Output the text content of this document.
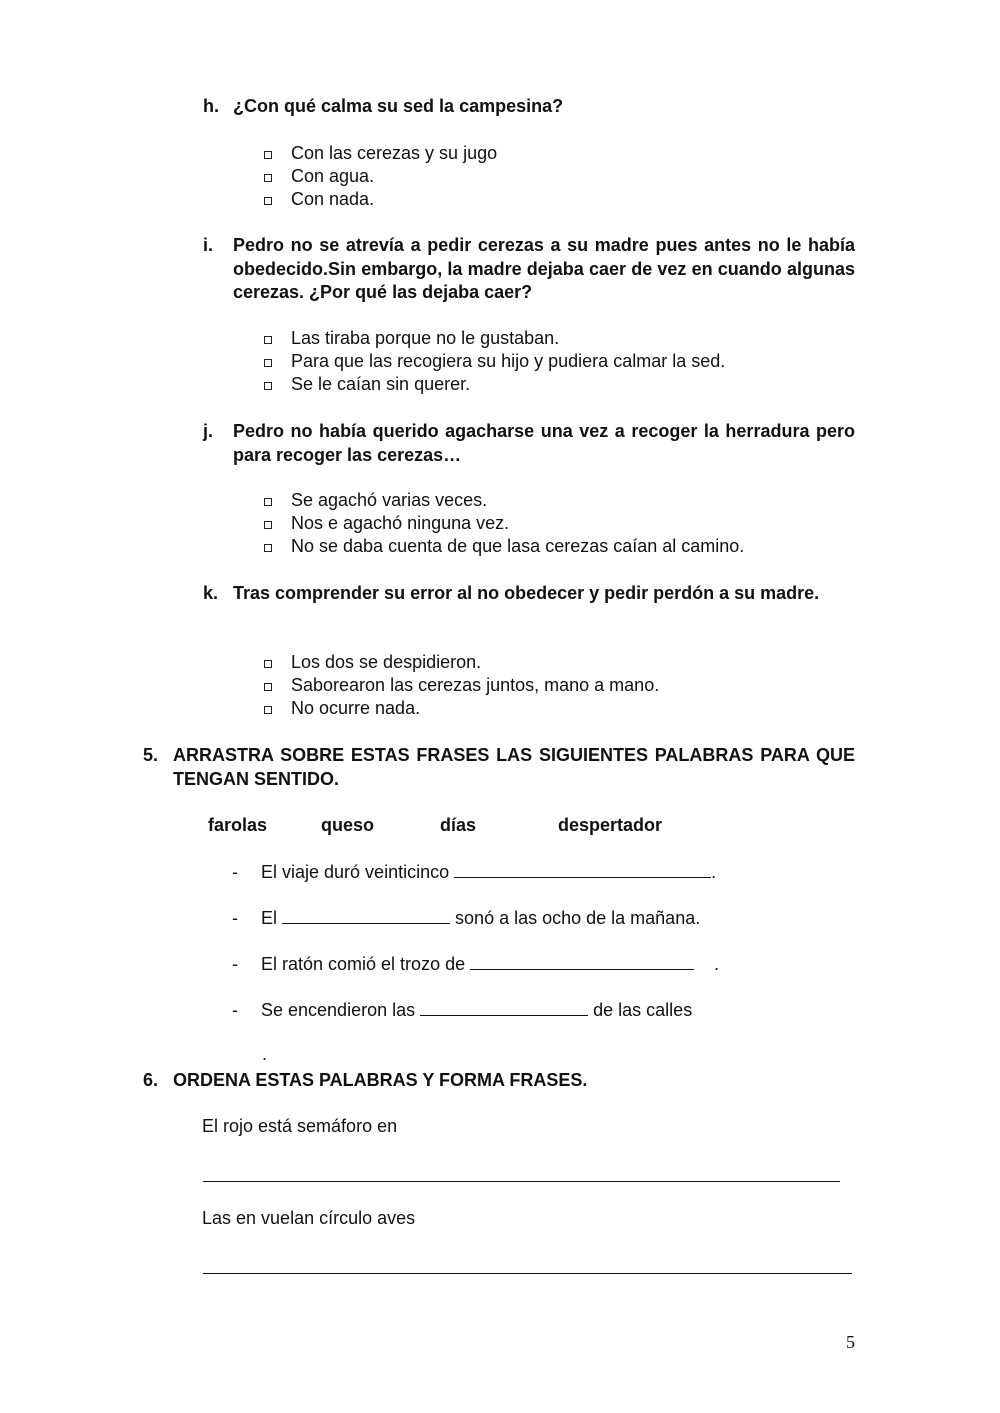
h. ¿Con qué calma su sed la campesina?
Con las cerezas y su jugo
Con agua.
Con nada.
i. Pedro no se atrevía a pedir cerezas a su madre pues antes no le había obedecido.Sin embargo, la madre dejaba caer de vez en cuando algunas cerezas. ¿Por qué las dejaba caer?
Las tiraba porque no le gustaban.
Para que las recogiera su hijo y pudiera calmar la sed.
Se le caían sin querer.
j. Pedro no había querido agacharse una vez a recoger la herradura pero para recoger las cerezas…
Se agachó varias veces.
Nos e agachó ninguna vez.
No se daba cuenta de que lasa cerezas caían al camino.
k. Tras comprender su error al no obedecer y pedir perdón a su madre.
Los dos se despidieron.
Saborearon las cerezas juntos, mano a mano.
No ocurre nada.
5. ARRASTRA SOBRE ESTAS FRASES LAS SIGUIENTES PALABRAS PARA QUE TENGAN SENTIDO.
farolas	queso	días	despertador
- El viaje duró veinticinco	.
- El	sonó a las ocho de la mañana.
- El ratón comió el trozo de	.
- Se encendieron las	de las calles
.
6. ORDENA ESTAS PALABRAS Y FORMA FRASES.
El rojo está semáforo en
Las en vuelan círculo aves
5
